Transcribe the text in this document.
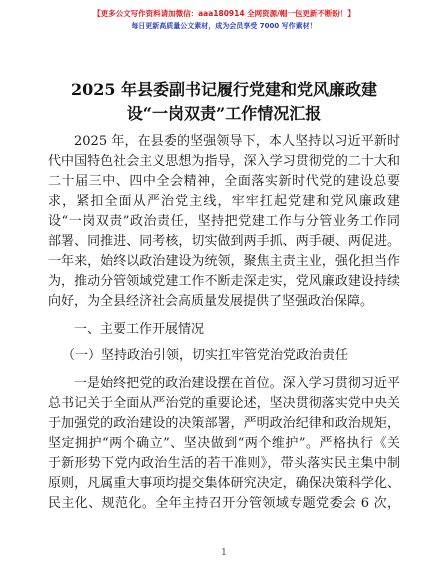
【更多公文写作资料请加微信：aaa180914 全网资源/帽一包更新不断盼！】
每日更新高质量公文素材，成为会员享受 7000 写作素材！
2025 年县委副书记履行党建和党风廉政建
设“一岗双责”工作情况汇报
2025 年，在县委的坚强领导下，本人坚持以习近平新时
代中国特色社会主义思想为指导，深入学习贯彻党的二十大和
二十届三中、四中全会精神，全面落实新时代党的建设总要
求，紧扣全面从严治党主线，牢牢扛起党建和党风廉政建
设“一岗双责”政治责任，坚持把党建工作与分管业务工作同
部署、同推进、同考核，切实做到两手抓、两手硬、两促进。
一年来，始终以政治建设为统领，聚焦主责主业，强化担当作
为，推动分管领域党建工作不断走深走实，党风廉政建设持续
向好，为全县经济社会高质量发展提供了坚强政治保障。
一、主要工作开展情况
（一）坚持政治引领，切实扛牢管党治党政治责任
一是始终把党的政治建设摆在首位。深入学习贯彻习近平
总书记关于全面从严治党的重要论述，坚决贯彻落实党中央关
于加强党的政治建设的决策部署，严明政治纪律和政治规矩，
坚定拥护“两个确立”、坚决做到“两个维护”。严格执行《关
于新形势下党内政治生活的若干准则》，带头落实民主集中制
原则，凡属重大事项均提交集体研究决定，确保决策科学化、
民主化、规范化。全年主持召开分管领域专题党委会 6 次，
1
